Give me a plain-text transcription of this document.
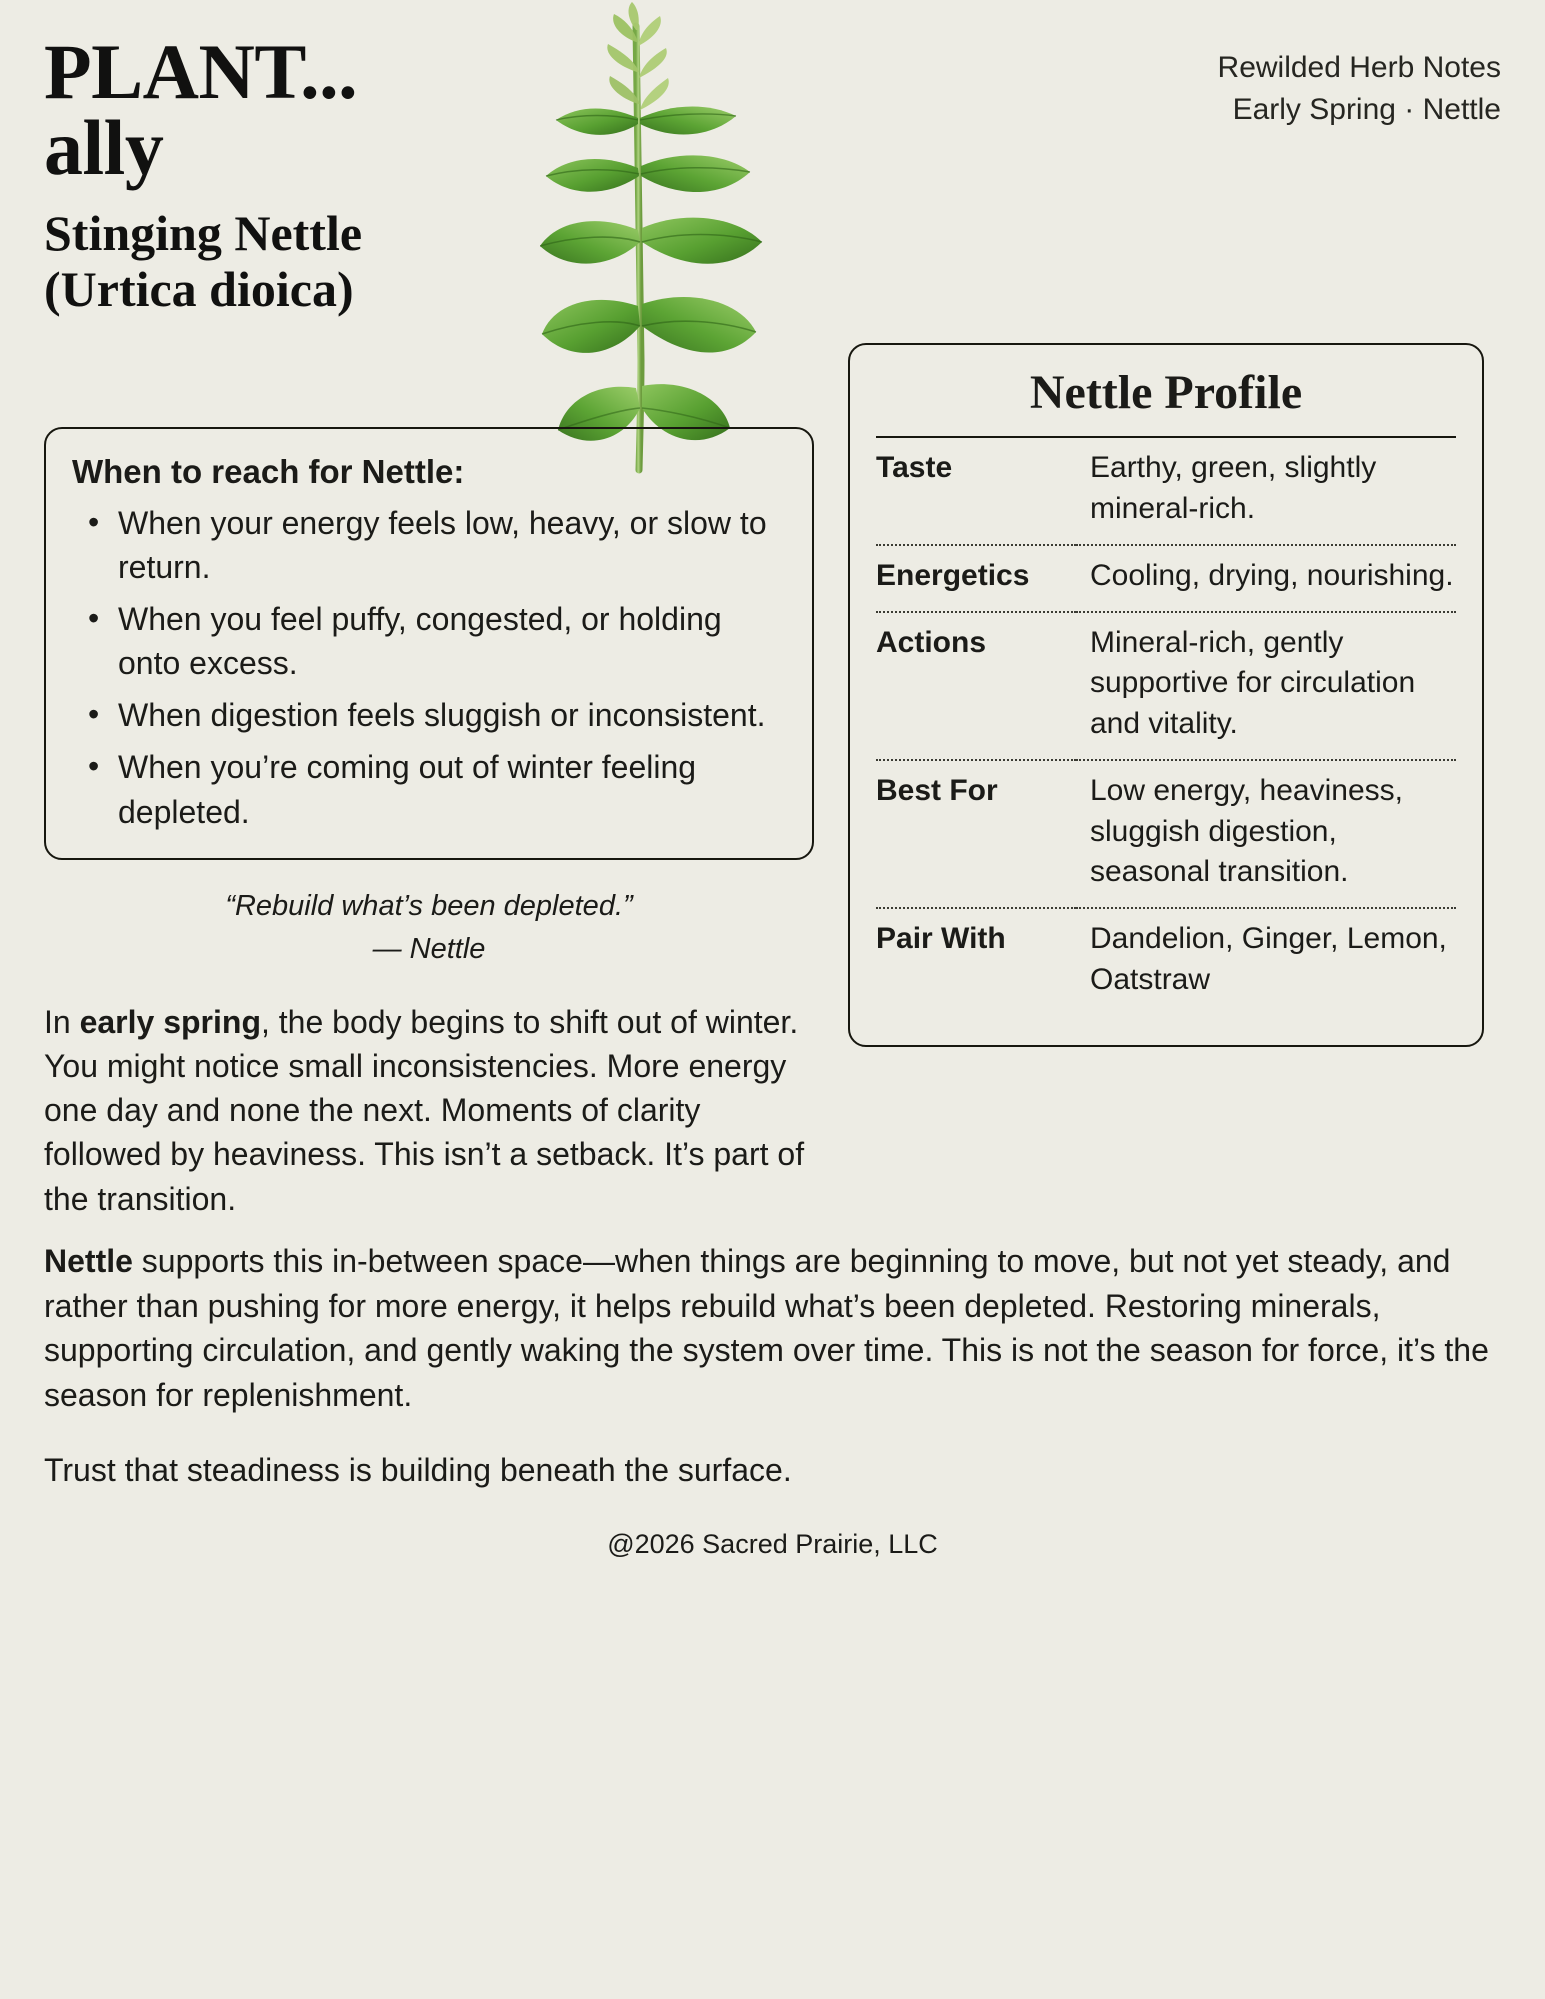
PLANT...
ally
Stinging Nettle
(Urtica dioica)
Rewilded Herb Notes
Early Spring · Nettle
When to reach for Nettle:
• When your energy feels low, heavy, or slow to return.
• When you feel puffy, congested, or holding onto excess.
• When digestion feels sluggish or inconsistent.
• When you’re coming out of winter feeling depleted.
“Rebuild what’s been depleted.”
— Nettle

In early spring, the body begins to shift out of winter. You might notice small inconsistencies. More energy one day and none the next. Moments of clarity followed by heaviness. This isn’t a setback. It’s part of the transition.

Nettle Profile
Taste	Earthy, green, slightly mineral-rich.
Energetics	Cooling, drying, nourishing.
Actions	Mineral-rich, gently supportive for circulation and vitality.
Best For	Low energy, heaviness, sluggish digestion, seasonal transition.
Pair With	Dandelion, Ginger, Lemon, Oatstraw

Nettle supports this in-between space—when things are beginning to move, but not yet steady, and rather than pushing for more energy, it helps rebuild what’s been depleted. Restoring minerals, supporting circulation, and gently waking the system over time. This is not the season for force, it’s the season for replenishment.

Trust that steadiness is building beneath the surface.

@2026 Sacred Prairie, LLC
